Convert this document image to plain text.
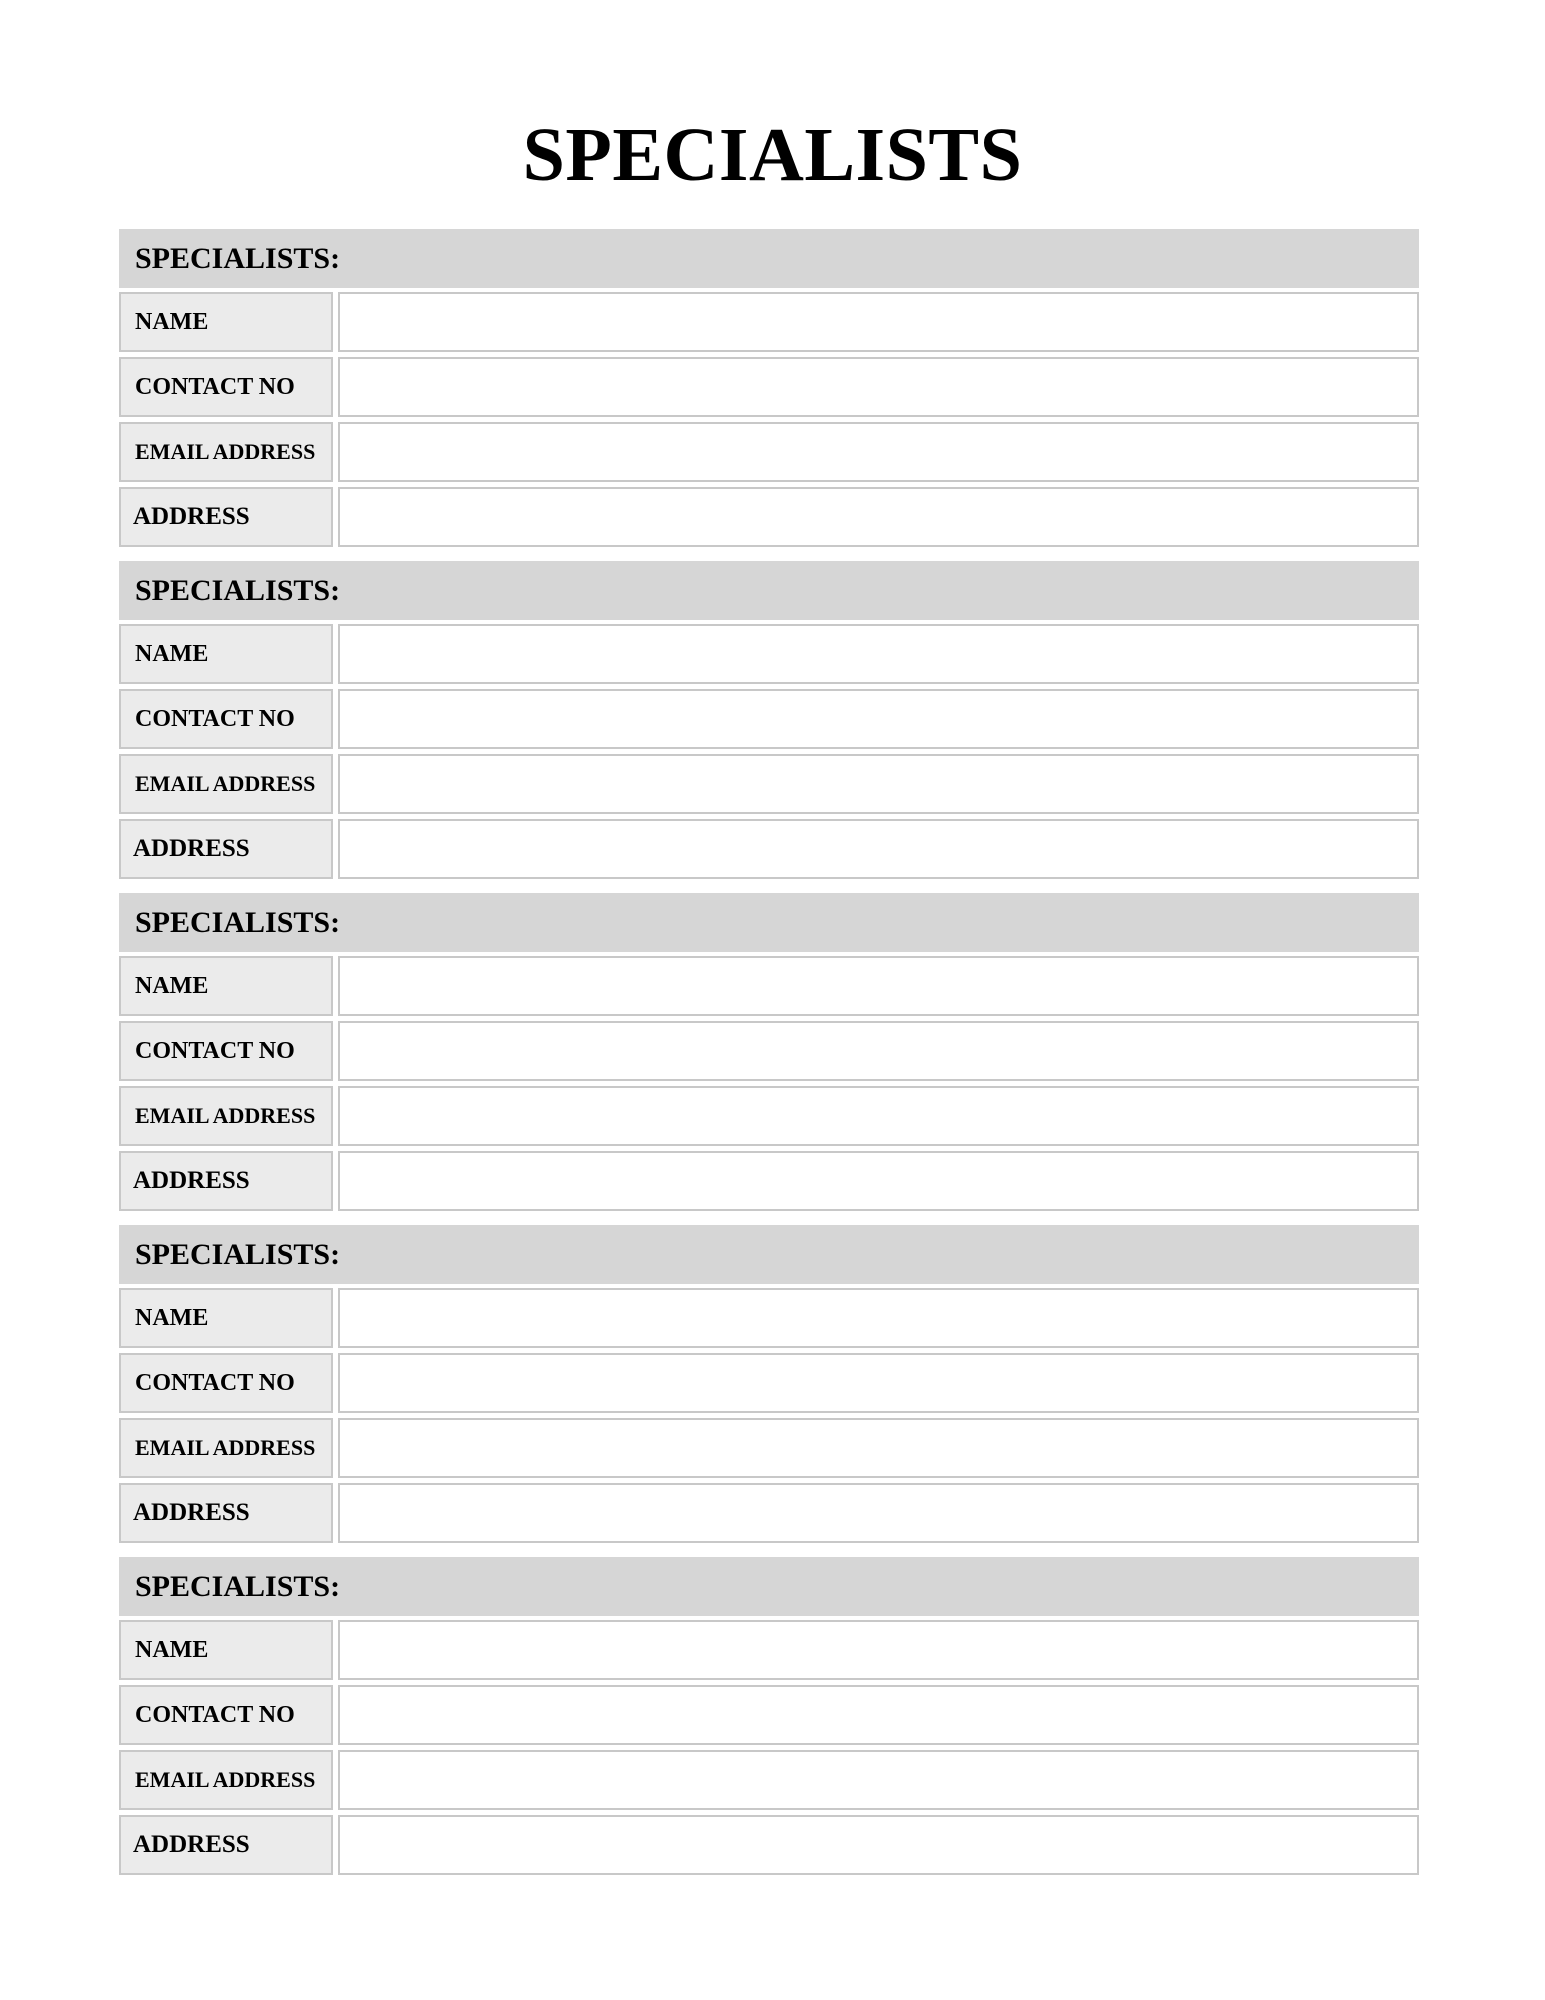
SPECIALISTS
SPECIALISTS:
NAME
CONTACT NO
EMAIL ADDRESS
ADDRESS
SPECIALISTS:
NAME
CONTACT NO
EMAIL ADDRESS
ADDRESS
SPECIALISTS:
NAME
CONTACT NO
EMAIL ADDRESS
ADDRESS
SPECIALISTS:
NAME
CONTACT NO
EMAIL ADDRESS
ADDRESS
SPECIALISTS:
NAME
CONTACT NO
EMAIL ADDRESS
ADDRESS
